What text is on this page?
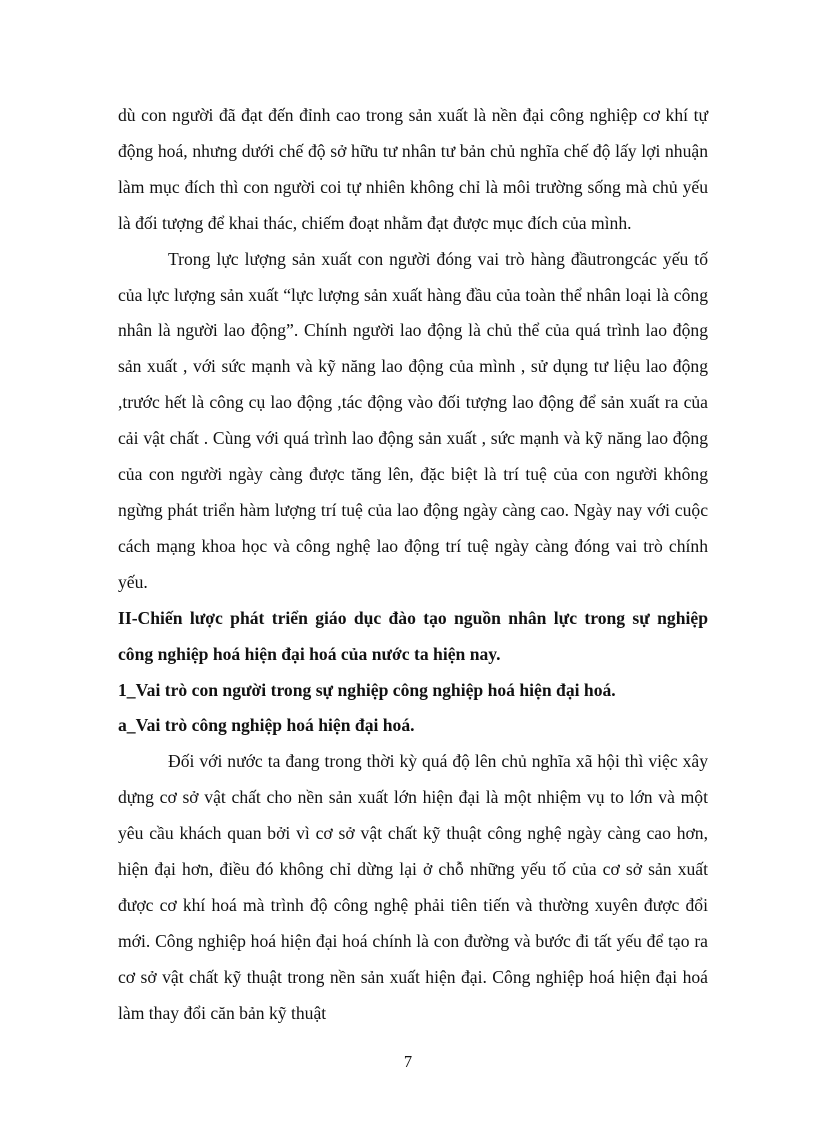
dù con người đã đạt đến đỉnh cao trong sản xuất là nền đại công nghiệp cơ khí tự động hoá, nhưng dưới chế độ sở hữu tư nhân tư bản chủ nghĩa chế độ lấy lợi nhuận làm mục đích thì con người coi tự nhiên không chỉ là môi trường sống mà chủ yếu là đối tượng để khai thác, chiếm đoạt nhằm đạt được mục đích của mình.

Trong lực lượng sản xuất con người đóng vai trò hàng đầutrongcác yếu tố của lực lượng sản xuất “lực lượng sản xuất hàng đầu của toàn thể nhân loại là công nhân là người lao động”. Chính người lao động là chủ thể của quá trình lao động sản xuất , với sức mạnh và kỹ năng lao động của mình , sử dụng tư liệu lao động ,trước hết là công cụ lao động ,tác động vào đối tượng lao động để sản xuất ra của cải vật chất . Cùng với quá trình lao động sản xuất , sức mạnh và kỹ năng lao động của con người ngày càng được tăng lên, đặc biệt là trí tuệ của con người không ngừng phát triển hàm lượng trí tuệ của lao động ngày càng cao. Ngày nay với cuộc cách mạng khoa học và công nghệ lao động trí tuệ ngày càng đóng vai trò chính yếu.

II-Chiến lược phát triển giáo dục đào tạo nguồn nhân lực trong sự nghiệp công nghiệp hoá hiện đại hoá của nước ta hiện nay.

1_Vai trò con người trong sự nghiệp công nghiệp hoá hiện đại hoá.

a_Vai trò công nghiệp hoá hiện đại hoá.

Đối với nước ta đang trong thời kỳ quá độ lên chủ nghĩa xã hội thì việc xây dựng cơ sở vật chất cho nền sản xuất lớn hiện đại là một nhiệm vụ to lớn và một yêu cầu khách quan bởi vì cơ sở vật chất kỹ thuật công nghệ ngày càng cao hơn, hiện đại hơn, điều đó không chỉ dừng lại ở chỗ những yếu tố của cơ sở sản xuất được cơ khí hoá mà trình độ công nghệ phải tiên tiến và thường xuyên được đổi mới. Công nghiệp hoá hiện đại hoá chính là con đường và bước đi tất yếu để tạo ra cơ sở vật chất kỹ thuật trong nền sản xuất hiện đại. Công nghiệp hoá hiện đại hoá làm thay đổi căn bản kỹ thuật

7
